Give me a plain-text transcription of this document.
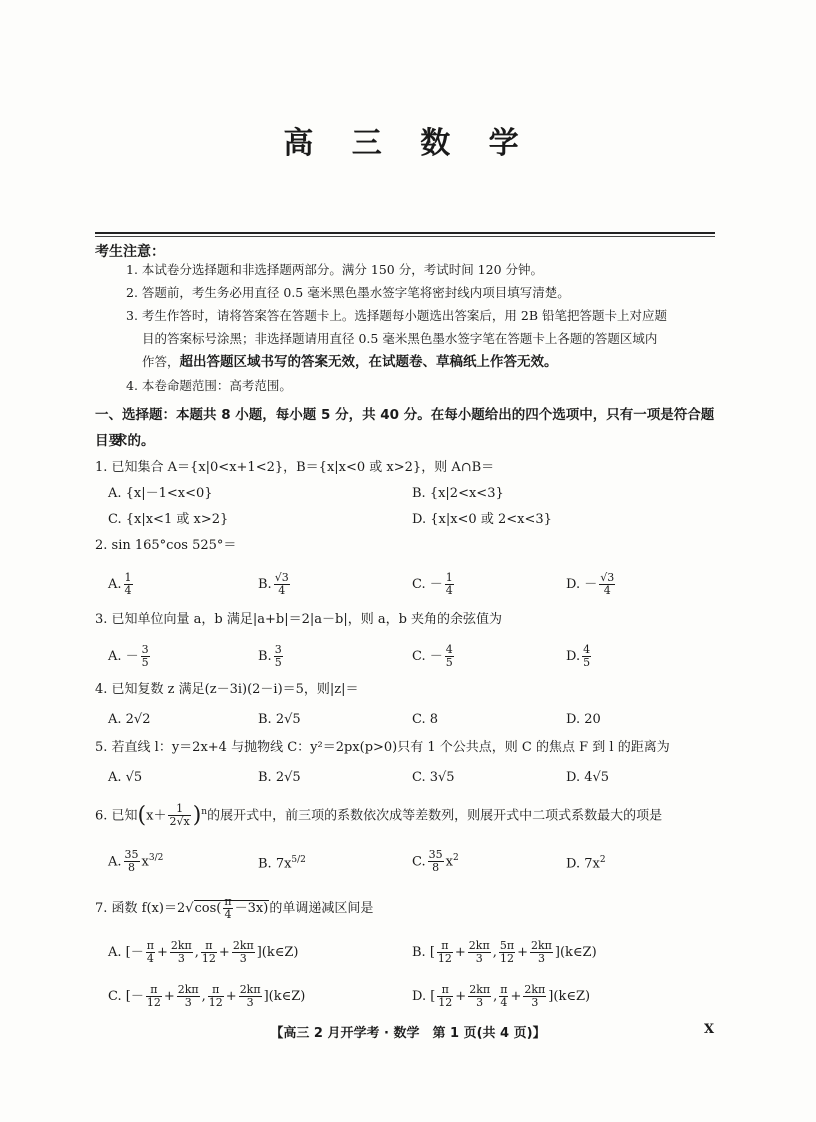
高 三 数 学
考生注意：
1. 本试卷分选择题和非选择题两部分。满分 150 分，考试时间 120 分钟。
2. 答题前，考生务必用直径 0.5 毫米黑色墨水签字笔将密封线内项目填写清楚。
3. 考生作答时，请将答案答在答题卡上。选择题每小题选出答案后，用 2B 铅笔把答题卡上对应题
目的答案标号涂黑；非选择题请用直径 0.5 毫米黑色墨水签字笔在答题卡上各题的答题区域内
作答，超出答题区域书写的答案无效，在试题卷、草稿纸上作答无效。
4. 本卷命题范围：高考范围。
一、选择题：本题共 8 小题，每小题 5 分，共 40 分。在每小题给出的四个选项中，只有一项是符合题目要
求的。
1. 已知集合 A＝{x|0<x+1<2}，B＝{x|x<0 或 x>2}，则 A∩B＝
A. {x|－1<x<0}	B. {x|2<x<3}
C. {x|x<1 或 x>2}	D. {x|x<0 或 2<x<3}
2. sin 165°cos 525°＝
A. $\frac{1}{4}$	B. $\frac{√3}{4}$	C. － $\frac{1}{4}$	D. － $\frac{√3}{4}$
3. 已知单位向量 a，b 满足|a+b|＝2|a－b|，则 a，b 夹角的余弦值为
A. － $\frac{3}{5}$	B. $\frac{3}{5}$	C. － $\frac{4}{5}$	D. $\frac{4}{5}$
4. 已知复数 z 满足(z－3i)(2－i)＝5，则|z|＝
A. 2√2	B. 2√5	C. 8	D. 20
5. 若直线 l：y＝2x+4 与抛物线 C：y²＝2px(p>0)只有 1 个公共点，则 C 的焦点 F 到 l 的距离为
A. √5	B. 2√5	C. 3√5	D. 4√5
6. 已知$(x+ \frac{1}{2√x} )^n$的展开式中，前三项的系数依次成等差数列，则展开式中二项式系数最大的项是
A. $\frac{35}{8} x^{3/2}$	B. $7x^{5/2}$	C. $\frac{35}{8} x^2$	D. $7x^2$
7. 函数 $f(x)=2√\cos( \frac{\pi}{4} -3x)$的单调递减区间是
A. [－ $\frac{\pi}{4} + \frac{2k\pi}{3}$ , $\frac{\pi}{12} + \frac{2k\pi}{3}$ ](k∈Z)	B. [ $\frac{\pi}{12} + \frac{2k\pi}{3}$ , $\frac{5\pi}{12} + \frac{2k\pi}{3}$ ](k∈Z)
C. [－ $\frac{\pi}{12} + \frac{2k\pi}{3}$ , $\frac{\pi}{12} + \frac{2k\pi}{3}$ ](k∈Z)	D. [ $\frac{\pi}{12} + \frac{2k\pi}{3}$ , $\frac{\pi}{4} + \frac{2k\pi}{3}$ ](k∈Z)
【高三 2 月开学考 · 数学　第 1 页(共 4 页)】	X
